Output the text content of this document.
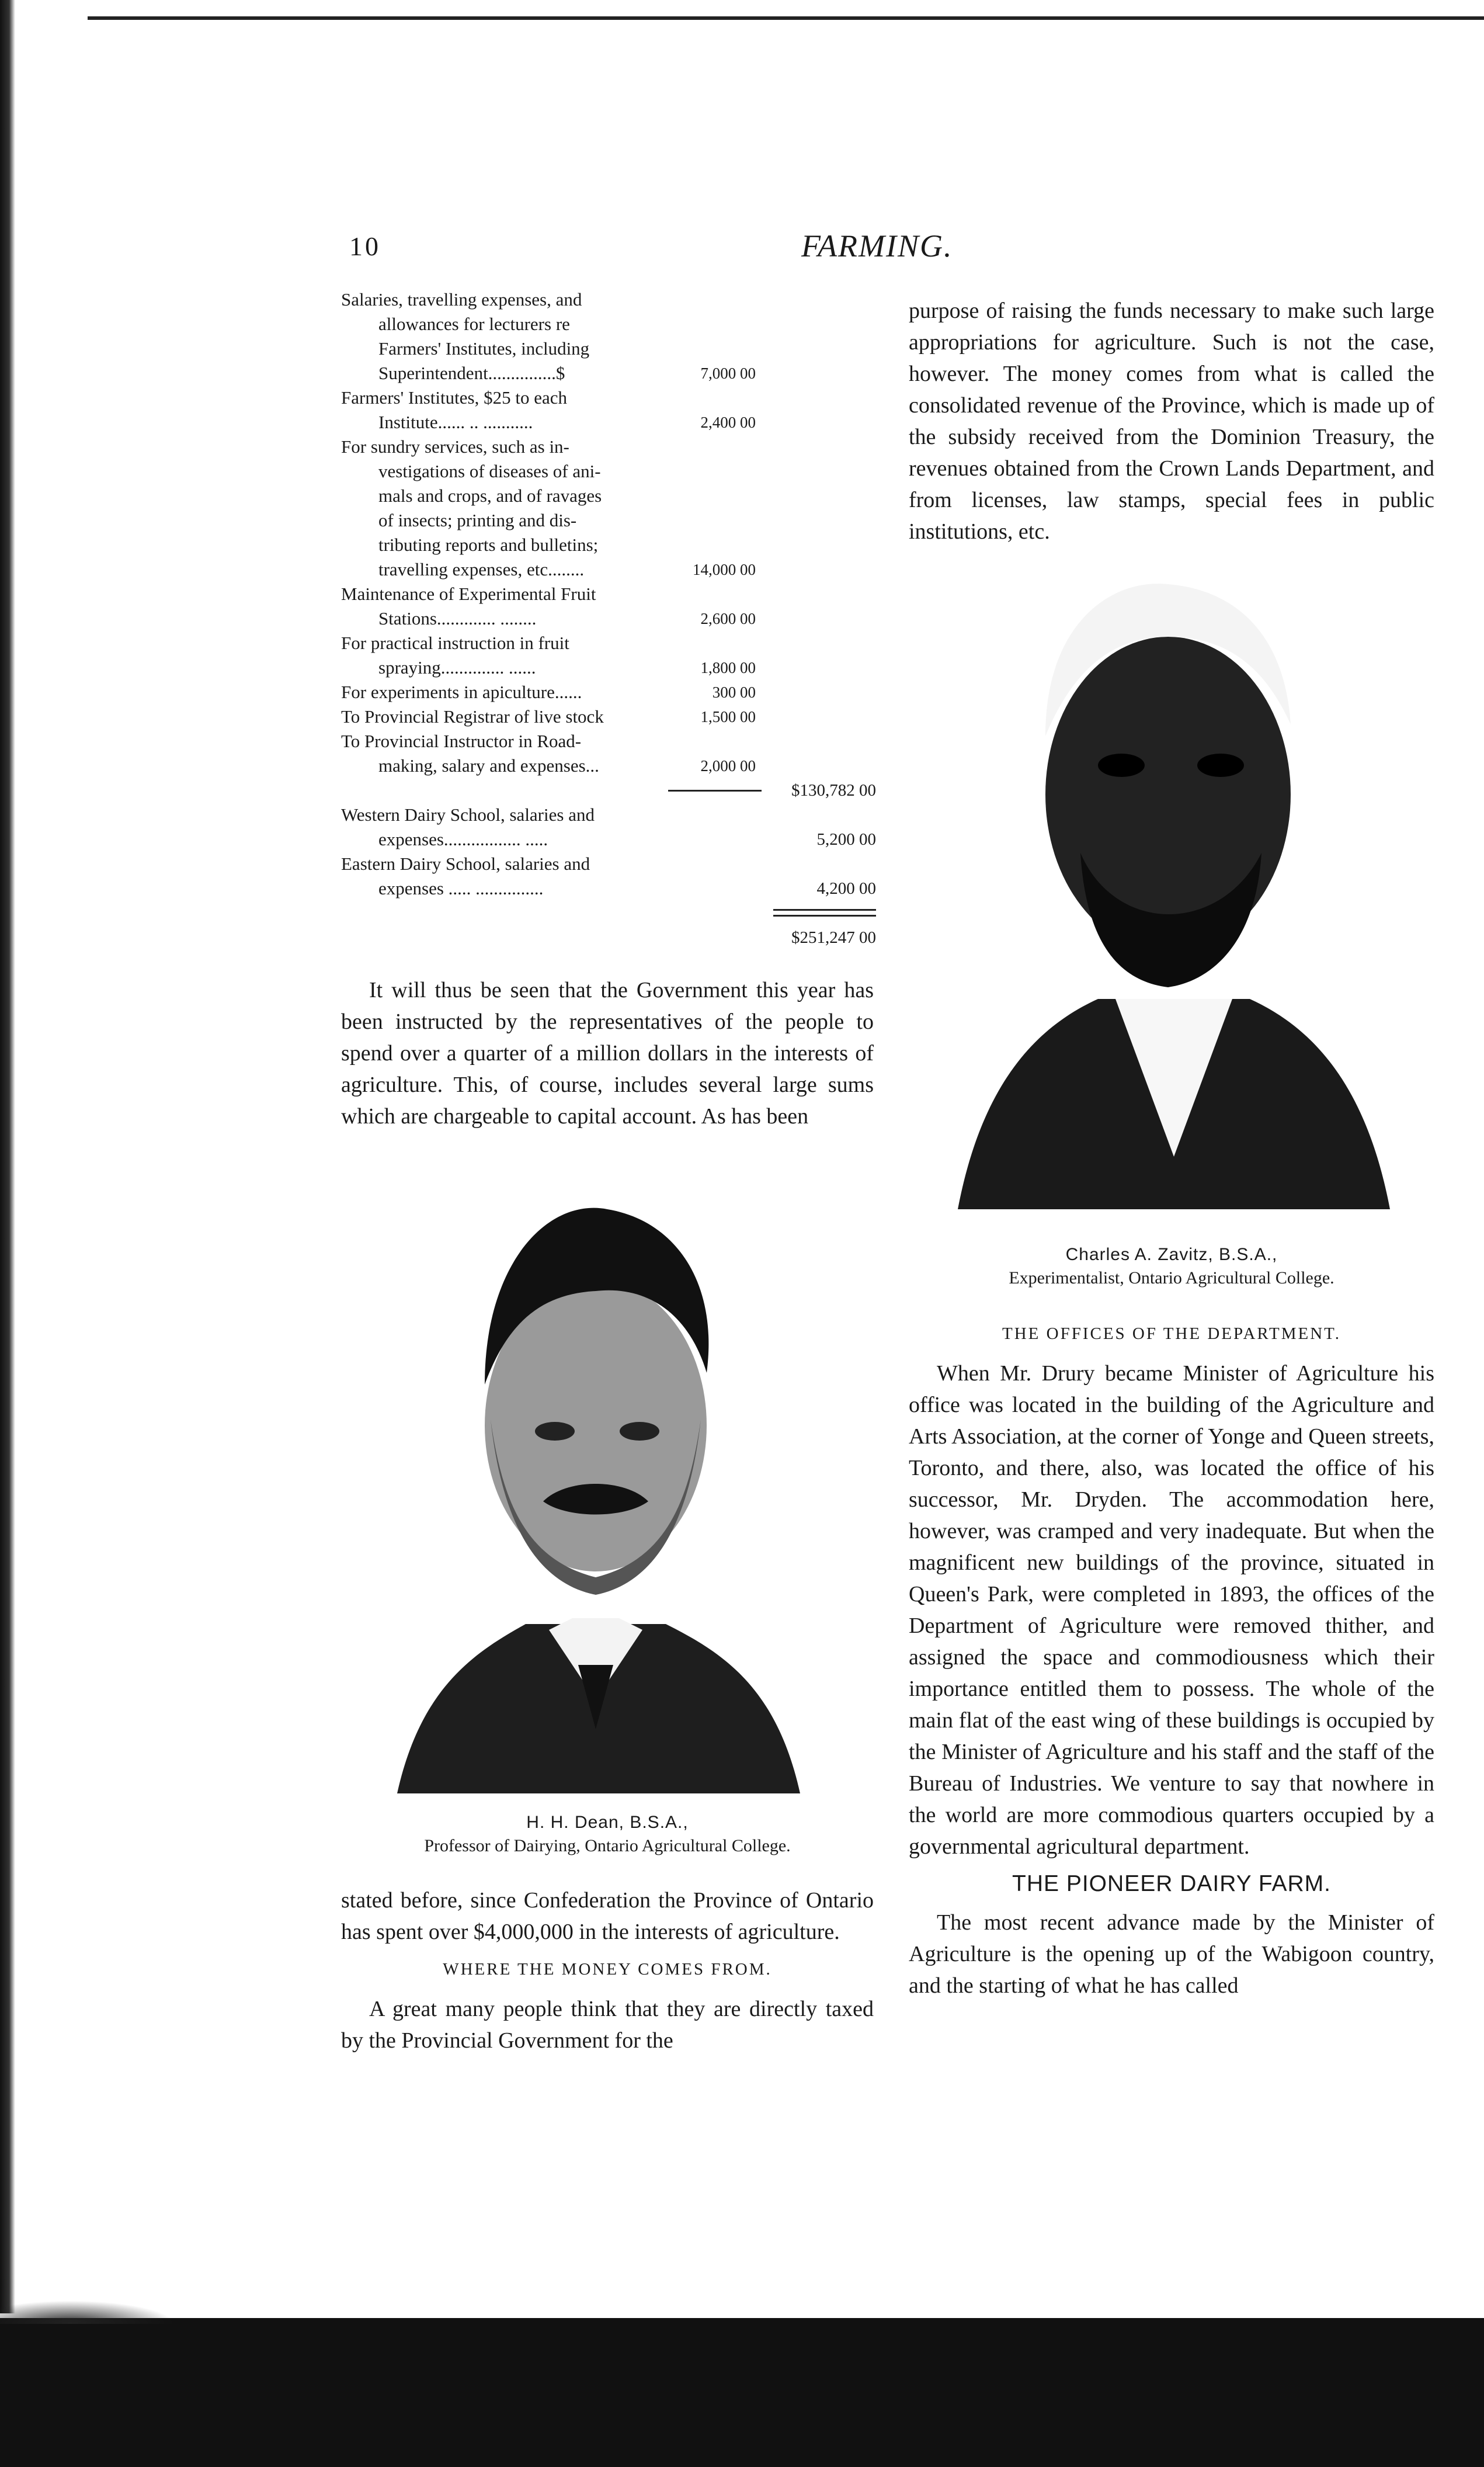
10	FARMING.
Salaries, travelling expenses, and
allowances for lecturers re
Farmers' Institutes, including
Superintendent...............$	7,000 00
Farmers' Institutes, $25 to each
Institute...... .. ...........	2,400 00
For sundry services, such as in-
vestigations of diseases of ani-
mals and crops, and of ravages
of insects; printing and dis-
tributing reports and bulletins;
travelling expenses, etc........	14,000 00
Maintenance of Experimental Fruit
Stations............. ........	2,600 00
For practical instruction in fruit
spraying.............. ......	1,800 00
For experiments in apiculture......	300 00
To Provincial Registrar of live stock	1,500 00
To Provincial Instructor in Road-
making, salary and expenses...	2,000 00
$130,782 00
Western Dairy School, salaries and
expenses................. .....	5,200 00
Eastern Dairy School, salaries and
expenses ..... ...............	4,200 00
$251,247 00

It will thus be seen that the Government this year has been instructed by the representatives of the people to spend over a quarter of a million dollars in the interests of agriculture. This, of course, includes several large sums which are chargeable to capital account. As has been

H. H. Dean, B.S.A.,
Professor of Dairying, Ontario Agricultural College.

stated before, since Confederation the Province of Ontario has spent over $4,000,000 in the interests of agriculture.

WHERE THE MONEY COMES FROM.

A great many people think that they are directly taxed by the Provincial Government for the

purpose of raising the funds necessary to make such large appropriations for agriculture. Such is not the case, however. The money comes from what is called the consolidated revenue of the Province, which is made up of the subsidy received from the Dominion Treasury, the revenues obtained from the Crown Lands Department, and from licenses, law stamps, special fees in public institutions, etc.

Charles A. Zavitz, B.S.A.,
Experimentalist, Ontario Agricultural College.
THE OFFICES OF THE DEPARTMENT.

When Mr. Drury became Minister of Agriculture his office was located in the building of the Agriculture and Arts Association, at the corner of Yonge and Queen streets, Toronto, and there, also, was located the office of his successor, Mr. Dryden. The accommodation here, however, was cramped and very inadequate. But when the magnificent new buildings of the province, situated in Queen's Park, were completed in 1893, the offices of the Department of Agriculture were removed thither, and assigned the space and commodiousness which their importance entitled them to possess. The whole of the main flat of the east wing of these buildings is occupied by the Minister of Agriculture and his staff and the staff of the Bureau of Industries. We venture to say that nowhere in the world are more commodious quarters occupied by a governmental agricultural department.

THE PIONEER DAIRY FARM.

The most recent advance made by the Minister of Agriculture is the opening up of the Wabigoon country, and the starting of what he has called
